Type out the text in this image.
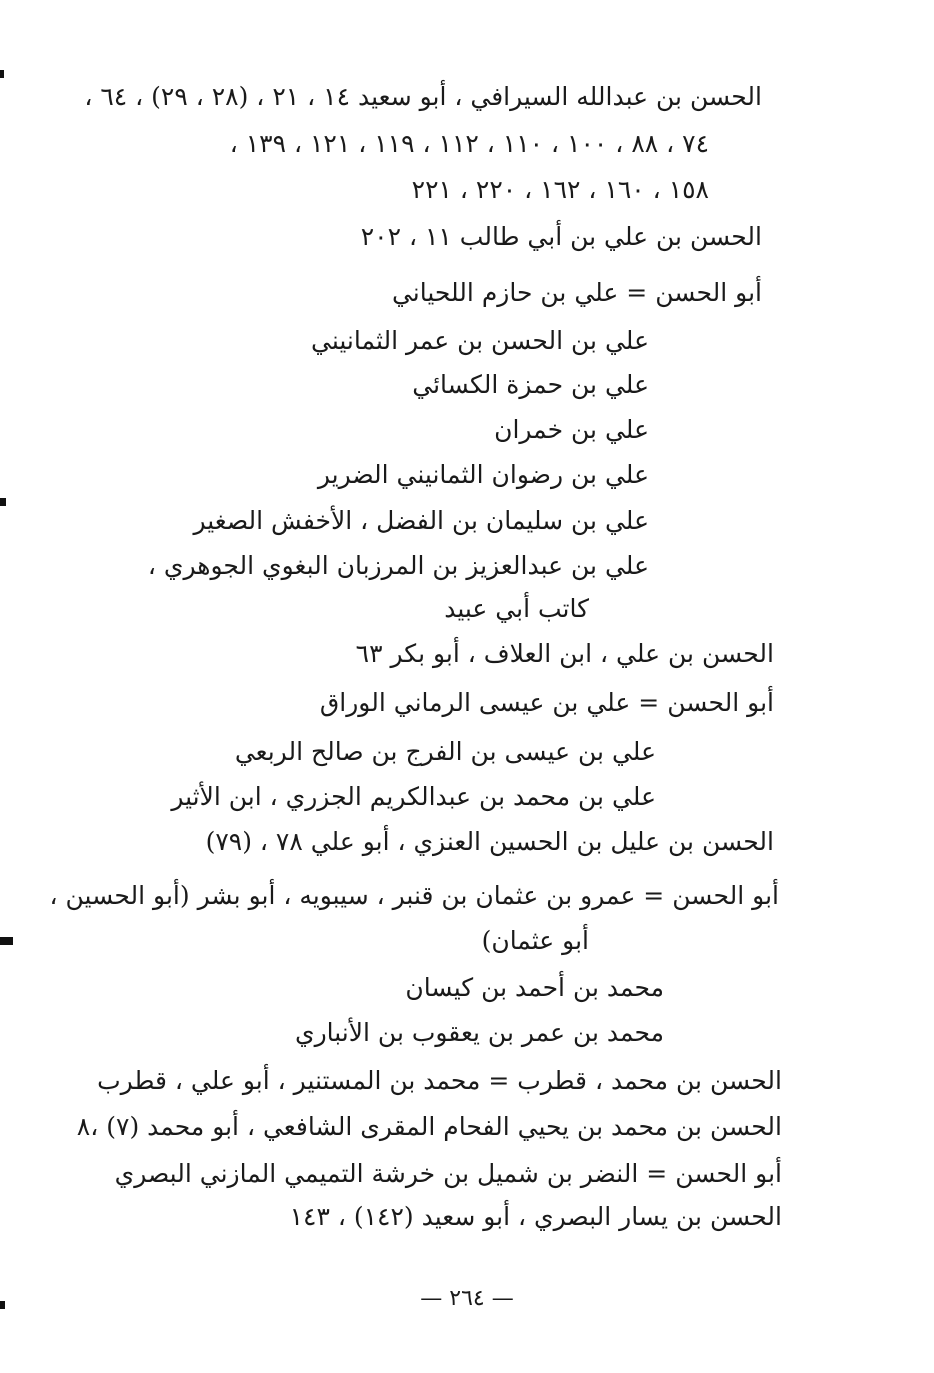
الحسن بن عبدالله السيرافي ، أبو سعيد ١٤ ، ٢١ ، (٢٨ ، ٢٩) ، ٦٤ ،
٧٤ ، ٨٨ ، ١٠٠ ، ١١٠ ، ١١٢ ، ١١٩ ، ١٢١ ، ١٣٩ ،
١٥٨ ، ١٦٠ ، ١٦٢ ، ٢٢٠ ، ٢٢١
الحسن بن علي بن أبي طالب ١١ ، ٢٠٢
أبو الحسن = علي بن حازم اللحياني
علي بن الحسن بن عمر الثمانيني
علي بن حمزة الكسائي
علي بن خمران
علي بن رضوان الثمانيني الضرير
علي بن سليمان بن الفضل ، الأخفش الصغير
علي بن عبدالعزيز بن المرزبان البغوي الجوهري ،
كاتب أبي عبيد
الحسن بن علي ، ابن العلاف ، أبو بكر ٦٣
أبو الحسن = علي بن عيسى الرماني الوراق
علي بن عيسى بن الفرج بن صالح الربعي
علي بن محمد بن عبدالكريم الجزري ، ابن الأثير
الحسن بن عليل بن الحسين العنزي ، أبو علي ٧٨ ، (٧٩)
أبو الحسن = عمرو بن عثمان بن قنبر ، سيبويه ، أبو بشر (أبو الحسين ،
أبو عثمان)
محمد بن أحمد بن كيسان
محمد بن عمر بن يعقوب بن الأنباري
الحسن بن محمد ، قطرب = محمد بن المستنير ، أبو علي ، قطرب
الحسن بن محمد بن يحيي الفحام المقرى الشافعي ، أبو محمد (٧) ،٨
أبو الحسن = النضر بن شميل بن خرشة التميمي المازني البصري
الحسن بن يسار البصري ، أبو سعيد (١٤٢) ، ١٤٣
— ٢٦٤ —
